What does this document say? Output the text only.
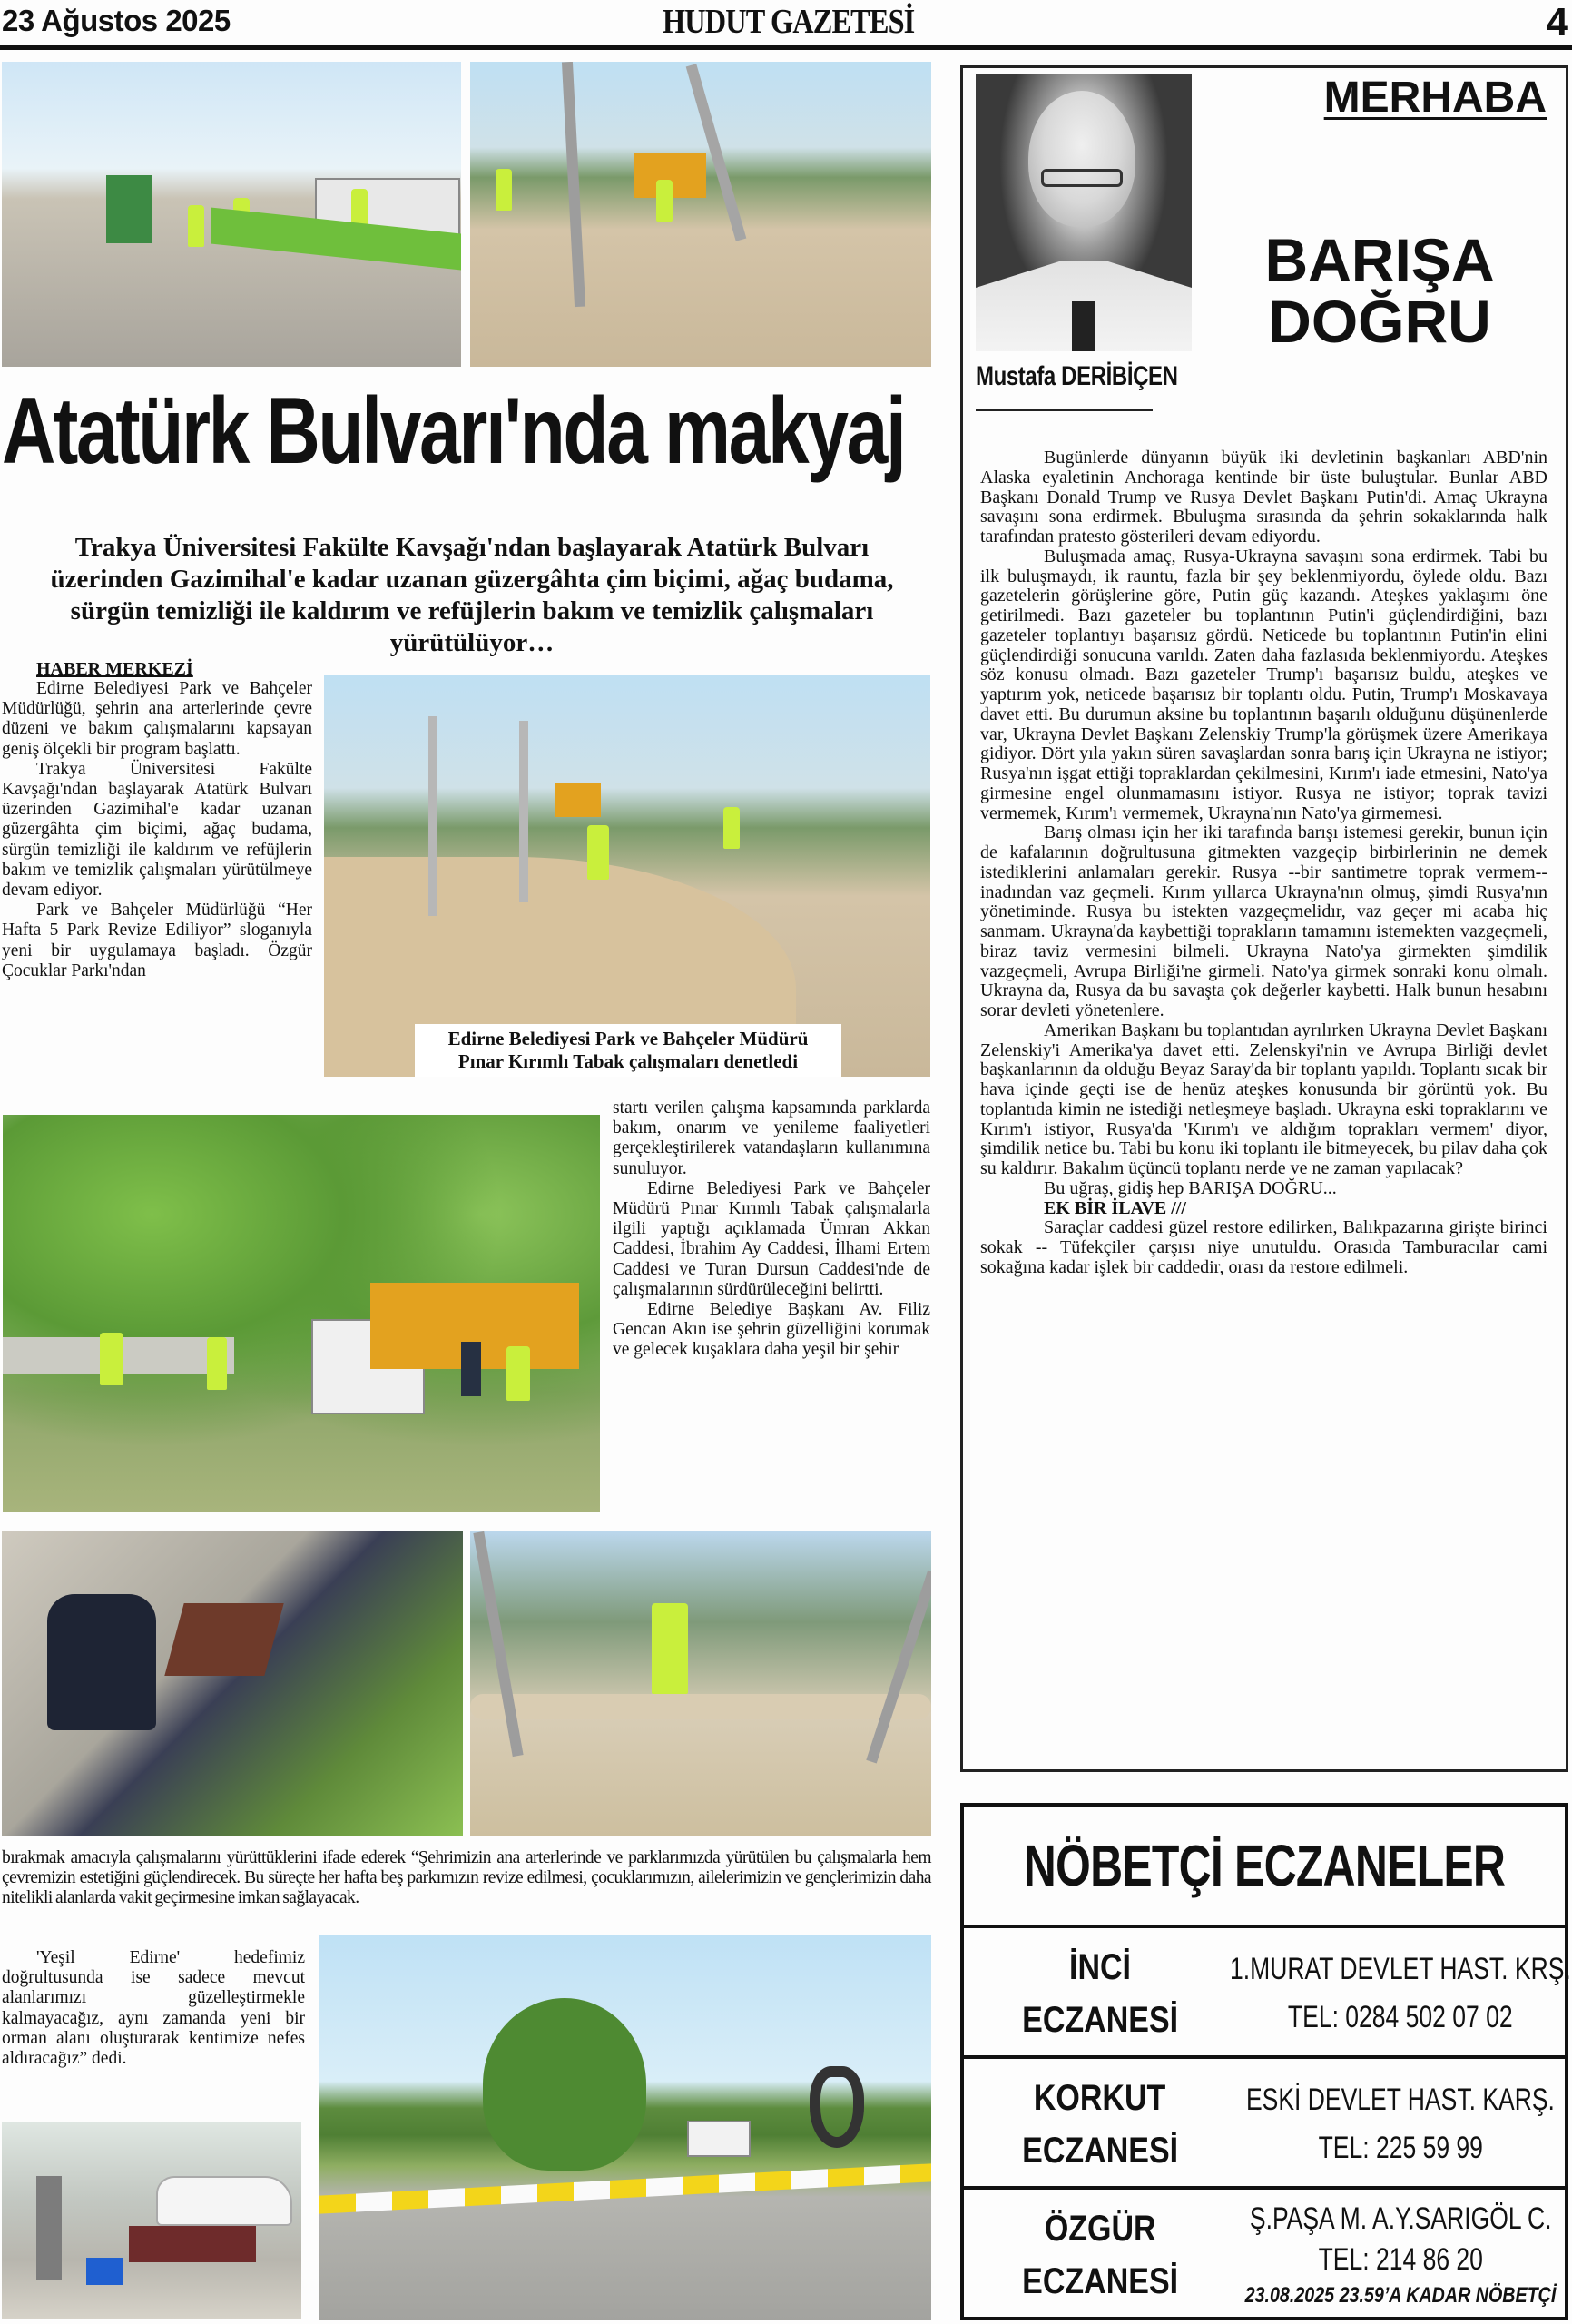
23 Ağustos 2025	HUDUT GAZETESİ	4
Atatürk Bulvarı'nda makyaj
Trakya Üniversitesi Fakülte Kavşağı'ndan başlayarak Atatürk Bulvarı üzerinden Gazimihal'e kadar uzanan güzergâhta çim biçimi, ağaç budama, sürgün temizliği ile kaldırım ve refüjlerin bakım ve temizlik çalışmaları yürütülüyor…
HABER MERKEZİ

Edirne Belediyesi Park ve Bahçeler Müdürlüğü, şehrin ana arterlerinde çevre düzeni ve bakım çalışmalarını kapsayan geniş ölçekli bir program başlattı.

Trakya Üniversitesi Fakülte Kavşağı'ndan başlayarak Atatürk Bulvarı üzerinden Gazimihal'e kadar uzanan güzergâhta çim biçimi, ağaç budama, sürgün temizliği ile kaldırım ve refüjlerin bakım ve temizlik çalışmaları yürütülmeye devam ediyor.

Park ve Bahçeler Müdürlüğü “Her Hafta 5 Park Revize Ediliyor” sloganıyla yeni bir uygulamaya başladı. Özgür Çocuklar Parkı'ndan

Edirne Belediyesi Park ve Bahçeler Müdürü Pınar Kırımlı Tabak çalışmaları denetledi
startı verilen çalışma kapsamında parklarda bakım, onarım ve yenileme faaliyetleri gerçekleştirilerek vatandaşların kullanımına sunuluyor.

Edirne Belediyesi Park ve Bahçeler Müdürü Pınar Kırımlı Tabak çalışmalarla ilgili yaptığı açıklamada Ümran Akkan Caddesi, İbrahim Ay Caddesi, İlhami Ertem Caddesi ve Turan Dursun Caddesi'nde de çalışmalarının sürdürüleceğini belirtti.

Edirne Belediye Başkanı Av. Filiz Gencan Akın ise şehrin güzelliğini korumak ve gelecek kuşaklara daha yeşil bir şehir

bırakmak amacıyla çalışmalarını yürüttüklerini ifade ederek “Şehrimizin ana arterlerinde ve parklarımızda yürütülen bu çalışmalarla hem çevremizin estetiğini güçlendirecek. Bu süreçte her hafta beş parkımızın revize edilmesi, çocuklarımızın, ailelerimizin ve gençlerimizin daha nitelikli alanlarda vakit geçirmesine imkan sağlayacak.

'Yeşil Edirne' hedefimiz doğrultusunda ise sadece mevcut alanlarımızı güzelleştirmekle kalmayacağız, aynı zamanda yeni bir orman alanı oluşturarak kentimize nefes aldıracağız” dedi.

Mustafa DERİBİÇEN
MERHABA
BARIŞA
DOĞRU

Bugünlerde dünyanın büyük iki devletinin başkanları ABD'nin Alaska eyaletinin Anchoraga kentinde bir üste buluştular. Bunlar ABD Başkanı Donald Trump ve Rusya Devlet Başkanı Putin'di. Amaç Ukrayna savaşını sona erdirmek. Bbuluşma sırasında da şehrin sokaklarında halk tarafından pratesto gösterileri devam ediyordu.

Buluşmada amaç, Rusya-Ukrayna savaşını sona erdirmek. Tabi bu ilk buluşmaydı, ik rauntu, fazla bir şey beklenmiyordu, öylede oldu. Bazı gazetelerin görüşlerine göre, Putin güç kazandı. Ateşkes yaklaşımı öne getirilmedi. Bazı gazeteler bu toplantının Putin'i güçlendirdiğini, bazı gazeteler toplantıyı başarısız gördü. Neticede bu toplantının Putin'in elini güçlendirdiği sonucuna varıldı. Zaten daha fazlasıda beklenmiyordu. Ateşkes söz konusu olmadı. Bazı gazeteler Trump'ı başarısız buldu, ateşkes ve yaptırım yok, neticede başarısız bir toplantı oldu. Putin, Trump'ı Moskavaya davet etti. Bu durumun aksine bu toplantının başarılı olduğunu düşünenlerde var, Ukrayna Devlet Başkanı Zelenskiy Trump'la görüşmek üzere Amerikaya gidiyor. Dört yıla yakın süren savaşlardan sonra barış için Ukrayna ne istiyor; Rusya'nın işgat ettiği topraklardan çekilmesini, Kırım'ı iade etmesini, Nato'ya girmesine engel olunmamasını istiyor. Rusya ne istiyor; toprak tavizi vermemek, Kırım'ı vermemek, Ukrayna'nın Nato'ya girmemesi.

Barış olması için her iki tarafında barışı istemesi gerekir, bunun için de kafalarının doğrultusuna gitmekten vazgeçip birbirlerinin ne demek istediklerini anlamaları gerekir. Rusya --bir santimetre toprak vermem-- inadından vaz geçmeli. Kırım yıllarca Ukrayna'nın olmuş, şimdi Rusya'nın yönetiminde. Rusya bu istekten vazgeçmelidır, vaz geçer mi acaba hiç sanmam. Ukrayna'da kaybettiği toprakların tamamını istemekten vazgeçmeli, biraz taviz vermesini bilmeli. Ukrayna Nato'ya girmekten şimdilik vazgeçmeli, Avrupa Birliği'ne girmeli. Nato'ya girmek sonraki konu olmalı. Ukrayna da, Rusya da bu savaşta çok değerler kaybetti. Halk bunun hesabını sorar devleti yönetenlere.

Amerikan Başkanı bu toplantıdan ayrılırken Ukrayna Devlet Başkanı Zelenskiy'i Amerika'ya davet etti. Zelenskyi'nin ve Avrupa Birliği devlet başkanlarının da olduğu Beyaz Saray'da bir toplantı yapıldı. Toplantı sıcak bir hava içinde geçti ise de henüz ateşkes konusunda bir görüntü yok. Bu toplantıda kimin ne istediği netleşmeye başladı. Ukrayna eski topraklarını ve Kırım'ı istiyor, Rusya'da 'Kırım'ı ve aldığım toprakları vermem' diyor, şimdilik netice bu. Tabi bu konu iki toplantı ile bitmeyecek, bu pilav daha çok su kaldırır. Bakalım üçüncü toplantı nerde ve ne zaman yapılacak?

Bu uğraş, gidiş hep BARIŞA DOĞRU...

EK BİR İLAVE ///

Saraçlar caddesi güzel restore edilirken, Balıkpazarına girişte birinci sokak -- Tüfekçiler çarşısı niye unutuldu. Orasıda Tamburacılar cami sokağına kadar işlek bir caddedir, orası da restore edilmeli.

NÖBETÇİ ECZANELER
İNCİ
ECZANESİ
1.MURAT DEVLET HAST. KRŞ.
TEL: 0284 502 07 02
KORKUT
ECZANESİ
ESKİ DEVLET HAST. KARŞ.
TEL: 225 59 99
ÖZGÜR
ECZANESİ
Ş.PAŞA M. A.Y.SARIGÖL C.
TEL: 214 86 20
23.08.2025 23.59’A KADAR NÖBETÇİ
